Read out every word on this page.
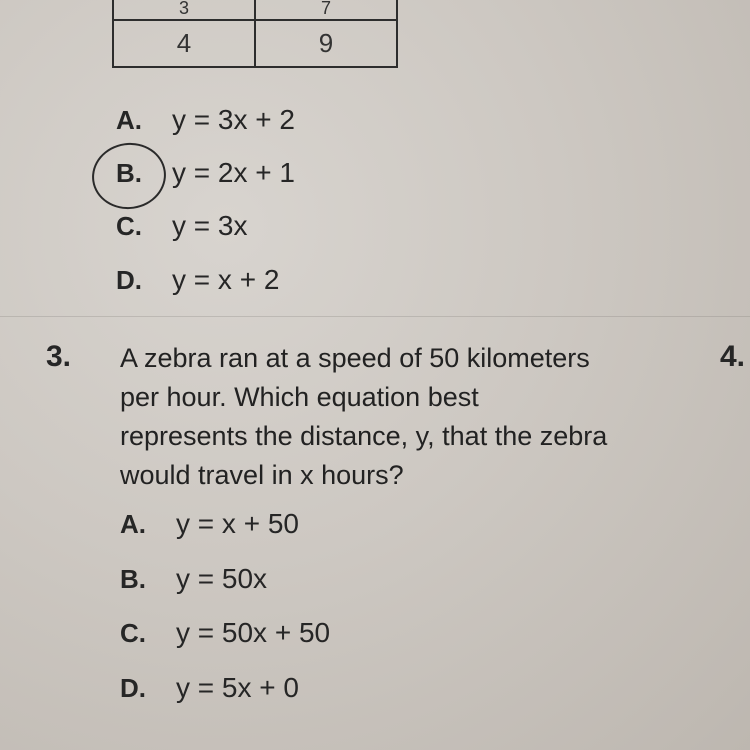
3	7
4	9
A. y = 3x + 2
B. y = 2x + 1
C. y = 3x
D. y = x + 2
3. A zebra ran at a speed of 50 kilometers
per hour. Which equation best
represents the distance, y, that the zebra
would travel in x hours?
4.
A. y = x + 50
B. y = 50x
C. y = 50x + 50
D. y = 5x + 0
